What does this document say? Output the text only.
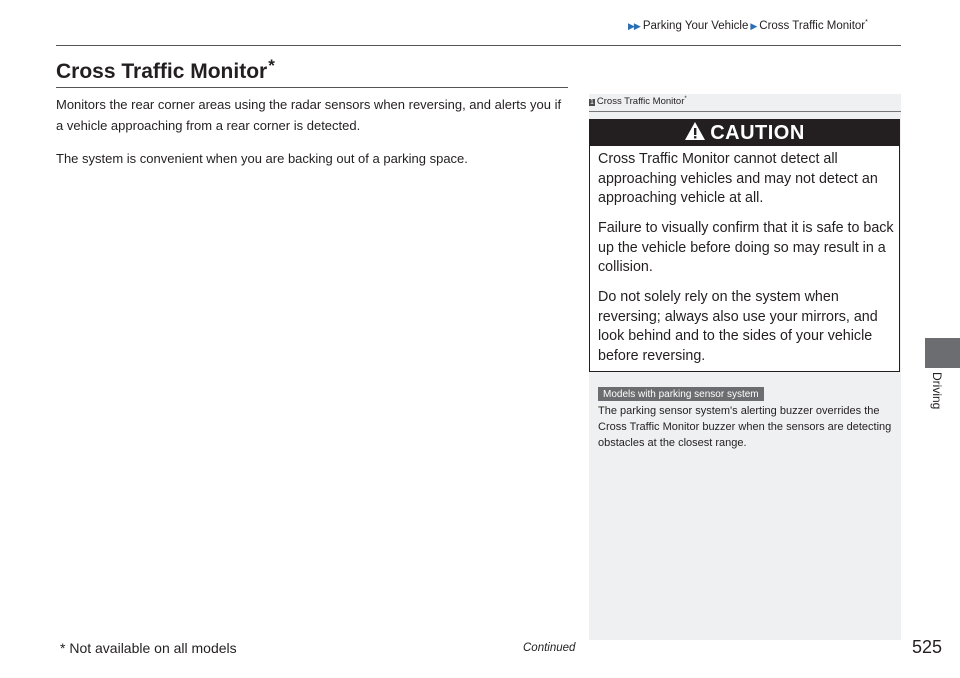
▶▶ Parking Your Vehicle ▶ Cross Traffic Monitor*
Cross Traffic Monitor*
Monitors the rear corner areas using the radar sensors when reversing, and alerts you if a vehicle approaching from a rear corner is detected.
The system is convenient when you are backing out of a parking space.
1 Cross Traffic Monitor*
CAUTION
Cross Traffic Monitor cannot detect all approaching vehicles and may not detect an approaching vehicle at all.
Failure to visually confirm that it is safe to back up the vehicle before doing so may result in a collision.
Do not solely rely on the system when reversing; always also use your mirrors, and look behind and to the sides of your vehicle before reversing.
Models with parking sensor system
The parking sensor system's alerting buzzer overrides the Cross Traffic Monitor buzzer when the sensors are detecting obstacles at the closest range.
Driving
* Not available on all models	Continued	525
